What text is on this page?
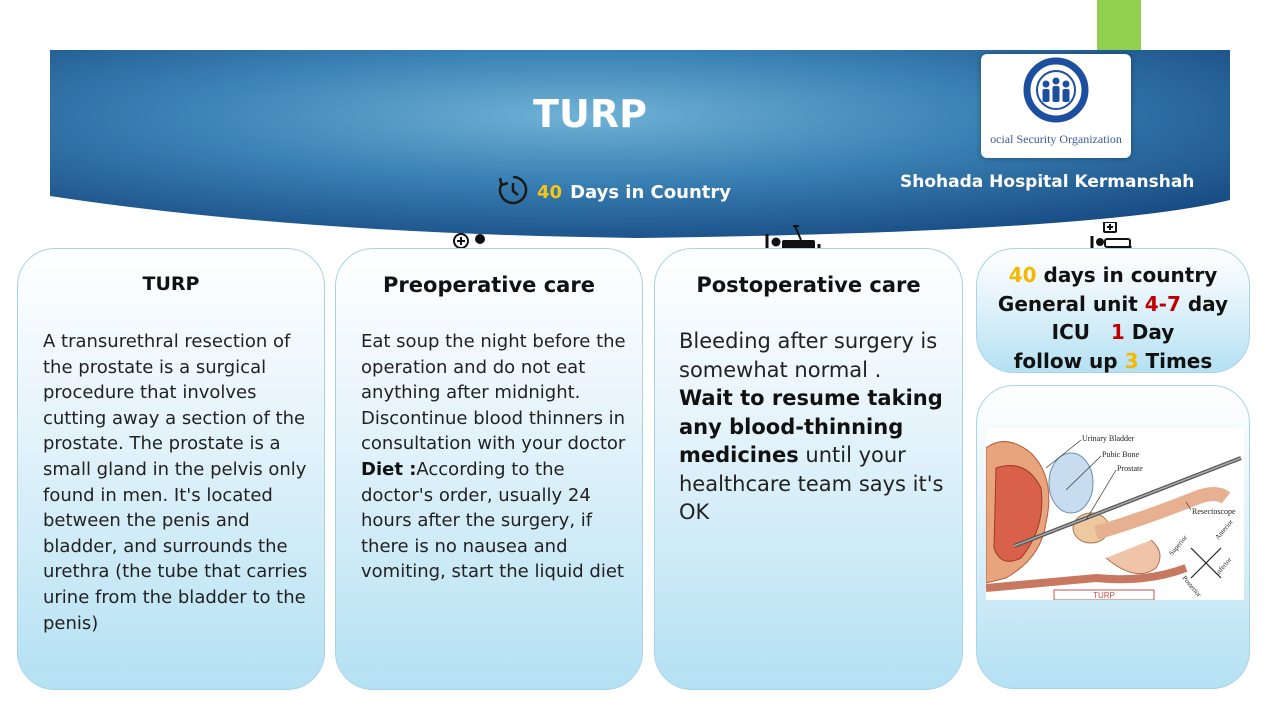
ocial Security Organization
TURP
40 Days in Country	Shohada Hospital Kermanshah
TURP
A transurethral resection of the prostate is a surgical procedure that involves cutting away a section of the prostate. The prostate is a small gland in the pelvis only found in men. It's located between the penis and bladder, and surrounds the urethra (the tube that carries urine from the bladder to the penis)
Preoperative care
Eat soup the night before the operation and do not eat anything after midnight. Discontinue blood thinners in consultation with your doctor
Diet :According to the doctor's order, usually 24 hours after the surgery, if there is no nausea and vomiting, start the liquid diet
Postoperative care
Bleeding after surgery is somewhat normal .
Wait to resume taking any blood-thinning medicines until your healthcare team says it's OK
40 days in country
General unit 4-7 day
ICU 1 Day
follow up 3 Times
Urinary Bladder
Pubic Bone
Prostate
Resectoscope
Superior
Anterior
Posterior
Inferior
TURP
